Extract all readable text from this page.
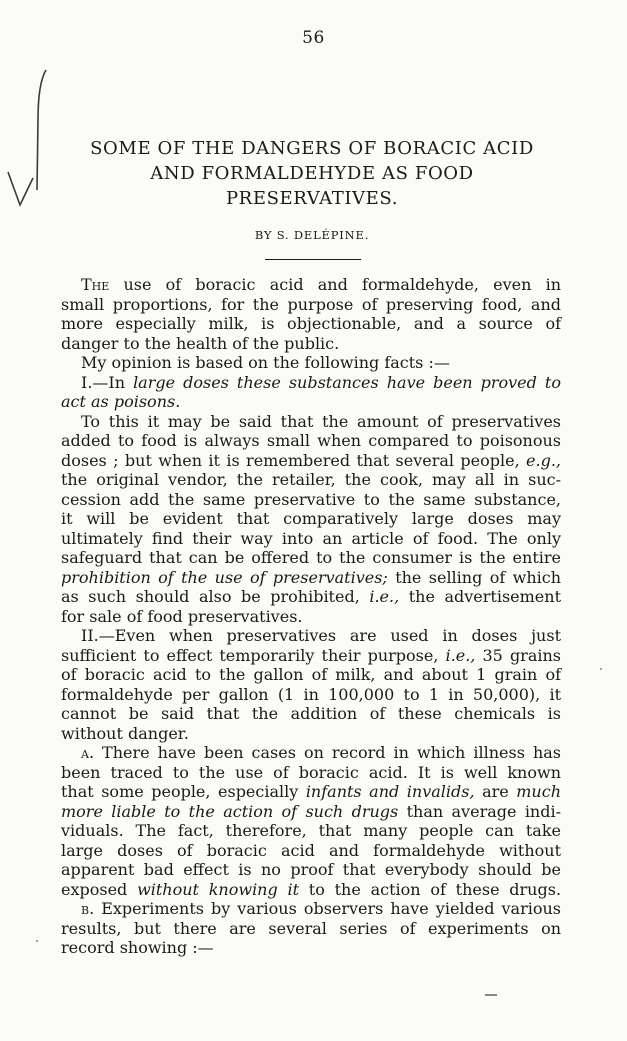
56
SOME OF THE DANGERS OF BORACIC ACID
AND FORMALDEHYDE AS FOOD
PRESERVATIVES.
BY S. DELÉPINE.
The use of boracic acid and formaldehyde, even in
small proportions, for the purpose of preserving food, and
more especially milk, is objectionable, and a source of
danger to the health of the public.
My opinion is based on the following facts :—
I.—In large doses these substances have been proved to
act as poisons.
To this it may be said that the amount of preservatives
added to food is always small when compared to poisonous
doses ; but when it is remembered that several people, e.g.,
the original vendor, the retailer, the cook, may all in suc-
cession add the same preservative to the same substance,
it will be evident that comparatively large doses may
ultimately find their way into an article of food. The only
safeguard that can be offered to the consumer is the entire
prohibition of the use of preservatives; the selling of which
as such should also be prohibited, i.e., the advertisement
for sale of food preservatives.
II.—Even when preservatives are used in doses just
sufficient to effect temporarily their purpose, i.e., 35 grains
of boracic acid to the gallon of milk, and about 1 grain of
formaldehyde per gallon (1 in 100,000 to 1 in 50,000), it
cannot be said that the addition of these chemicals is
without danger.
a. There have been cases on record in which illness has
been traced to the use of boracic acid. It is well known
that some people, especially infants and invalids, are much
more liable to the action of such drugs than average indi-
viduals. The fact, therefore, that many people can take
large doses of boracic acid and formaldehyde without
apparent bad effect is no proof that everybody should be
exposed without knowing it to the action of these drugs.
b. Experiments by various observers have yielded various
results, but there are several series of experiments on
record showing :—
